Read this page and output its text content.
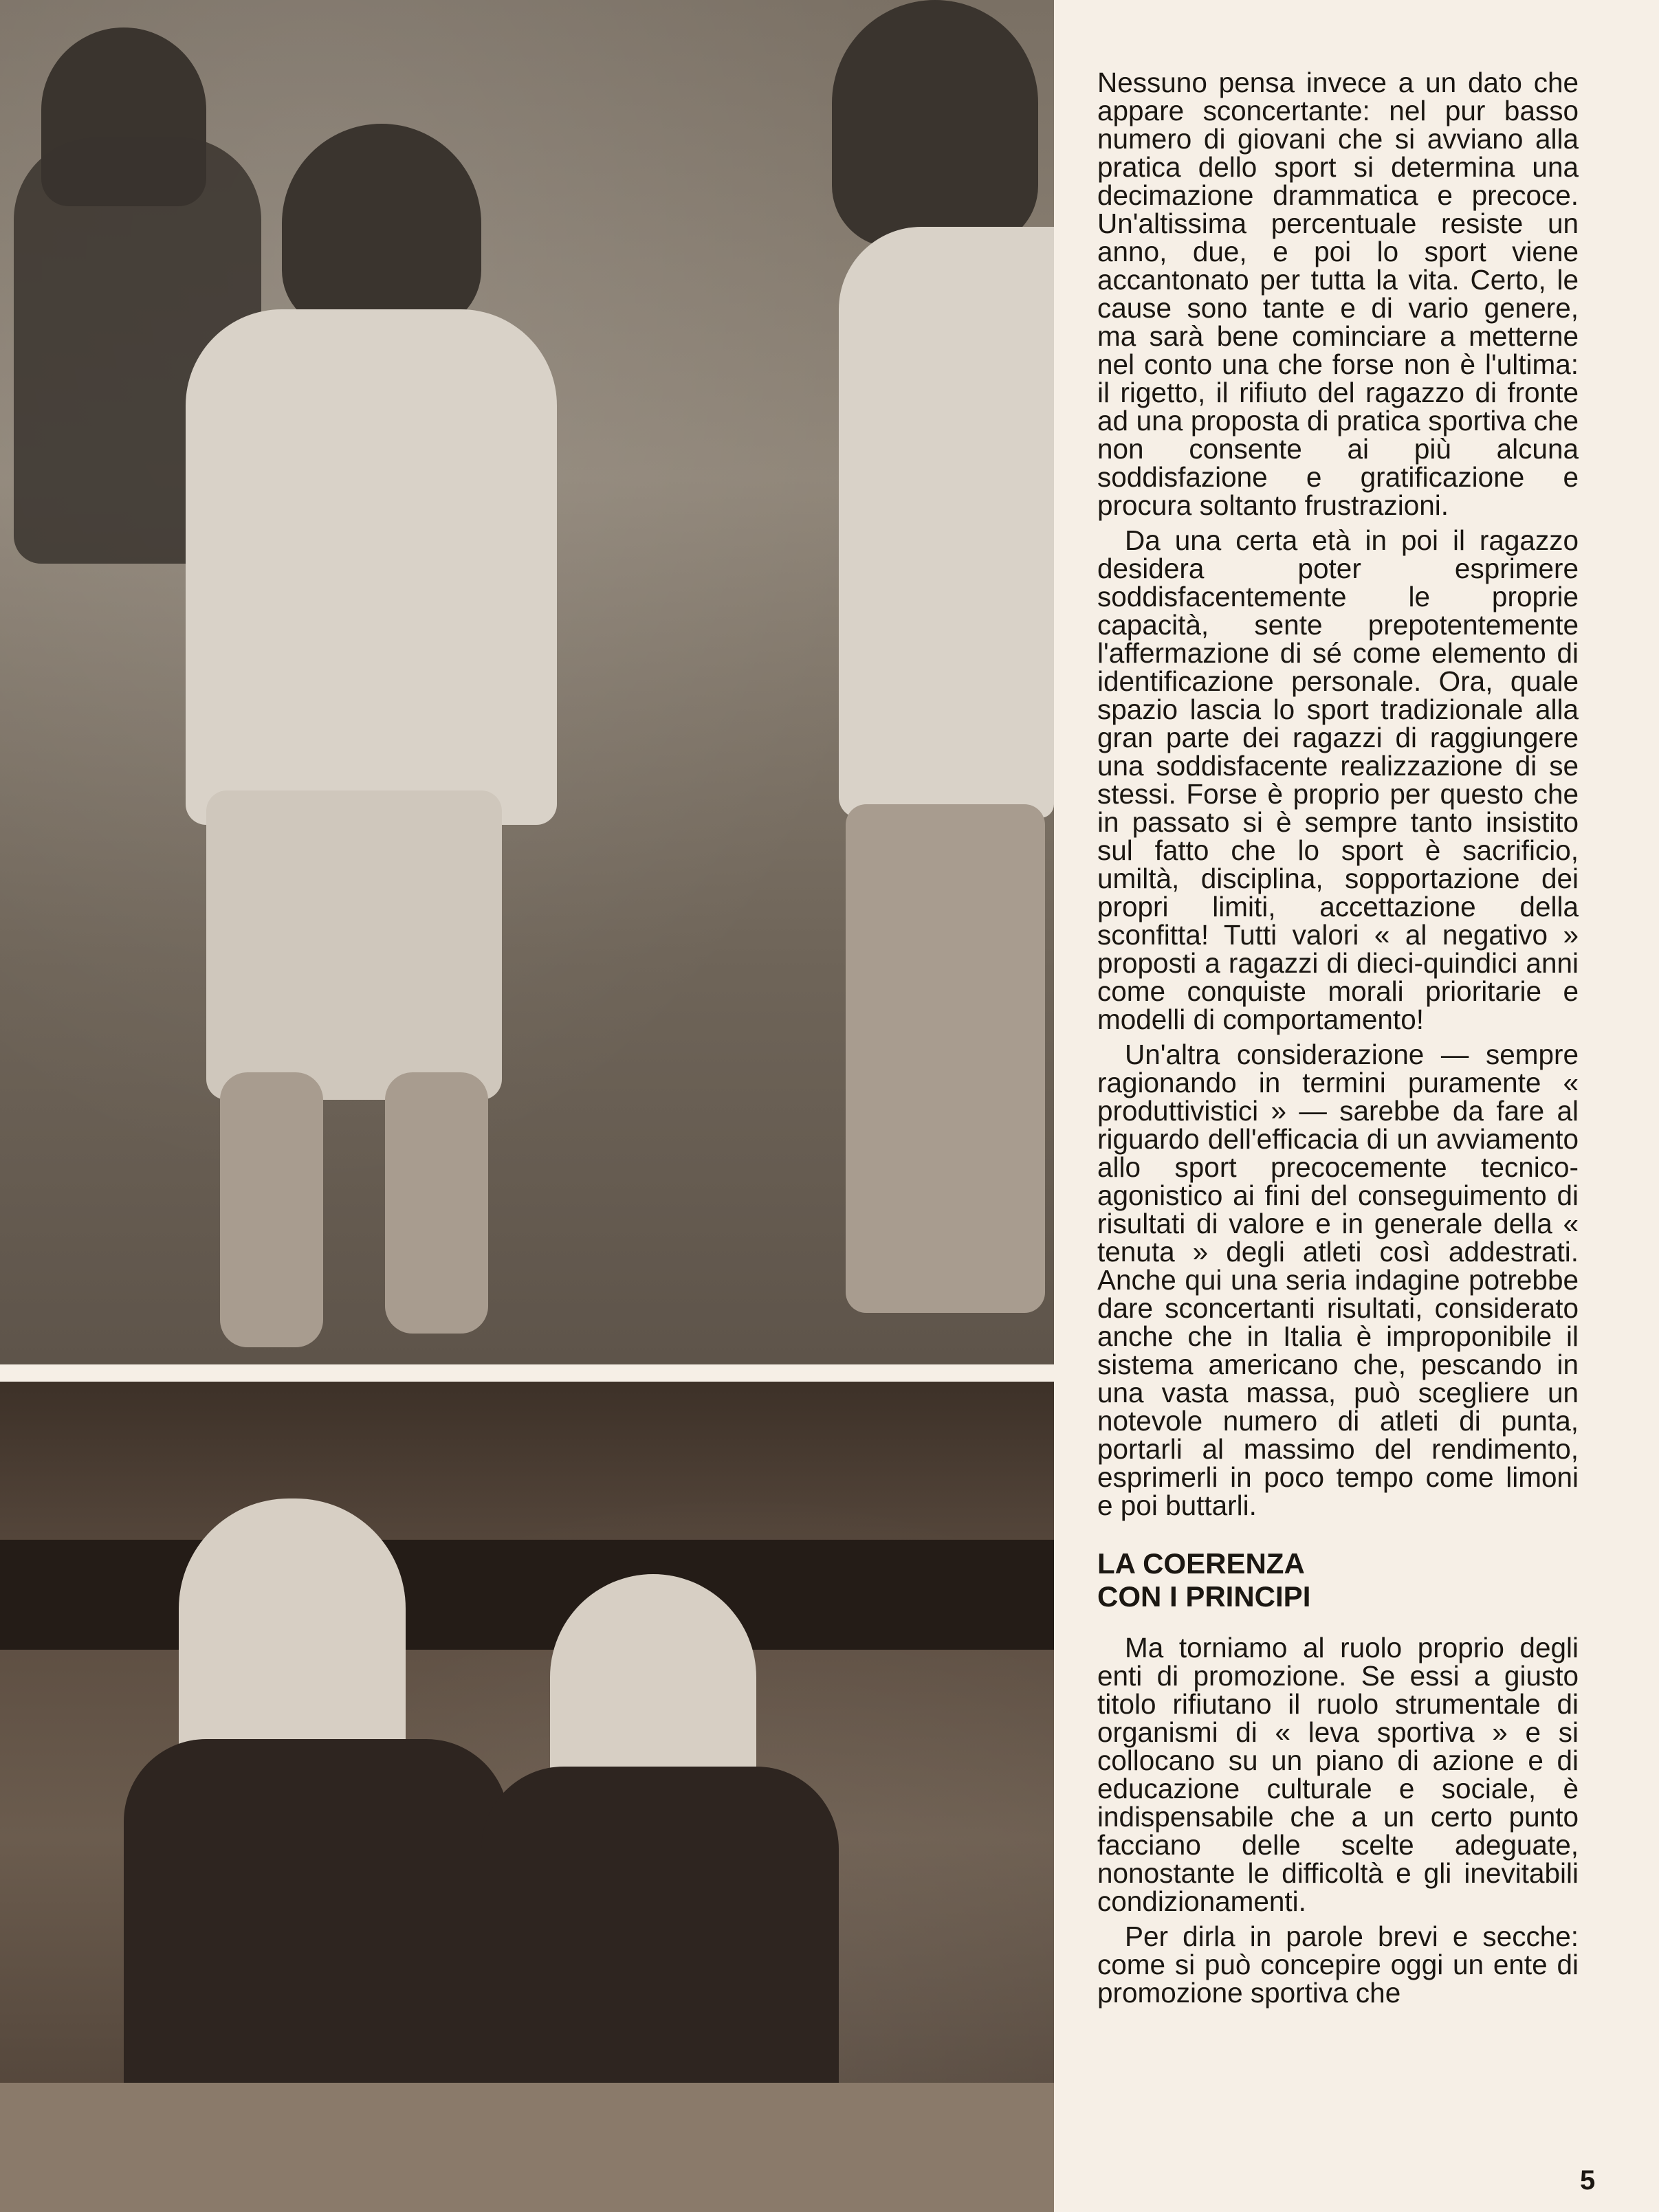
Nessuno pensa invece a un dato che appare sconcertante: nel pur basso numero di giovani che si avviano alla pratica dello sport si determina una decimazione drammatica e precoce. Un'altissima percentuale resiste un anno, due, e poi lo sport viene accantonato per tutta la vita. Certo, le cause sono tante e di vario genere, ma sarà bene cominciare a metterne nel conto una che forse non è l'ultima: il rigetto, il rifiuto del ragazzo di fronte ad una proposta di pratica sportiva che non consente ai più alcuna soddisfazione e gratificazione e procura soltanto frustrazioni.

Da una certa età in poi il ragazzo desidera poter esprimere soddisfacentemente le proprie capacità, sente prepotentemente l'affermazione di sé come elemento di identificazione personale. Ora, quale spazio lascia lo sport tradizionale alla gran parte dei ragazzi di raggiungere una soddisfacente realizzazione di se stessi. Forse è proprio per questo che in passato si è sempre tanto insistito sul fatto che lo sport è sacrificio, umiltà, disciplina, sopportazione dei propri limiti, accettazione della sconfitta! Tutti valori « al negativo » proposti a ragazzi di dieci-quindici anni come conquiste morali prioritarie e modelli di comportamento!

Un'altra considerazione — sempre ragionando in termini puramente « produttivistici » — sarebbe da fare al riguardo dell'efficacia di un avviamento allo sport precocemente tecnico-agonistico ai fini del conseguimento di risultati di valore e in generale della « tenuta » degli atleti così addestrati. Anche qui una seria indagine potrebbe dare sconcertanti risultati, considerato anche che in Italia è improponibile il sistema americano che, pescando in una vasta massa, può scegliere un notevole numero di atleti di punta, portarli al massimo del rendimento, esprimerli in poco tempo come limoni e poi buttarli.

LA COERENZA
CON I PRINCIPI

Ma torniamo al ruolo proprio degli enti di promozione. Se essi a giusto titolo rifiutano il ruolo strumentale di organismi di « leva sportiva » e si collocano su un piano di azione e di educazione culturale e sociale, è indispensabile che a un certo punto facciano delle scelte adeguate, nonostante le difficoltà e gli inevitabili condizionamenti.

Per dirla in parole brevi e secche: come si può concepire oggi un ente di promozione sportiva che

5
